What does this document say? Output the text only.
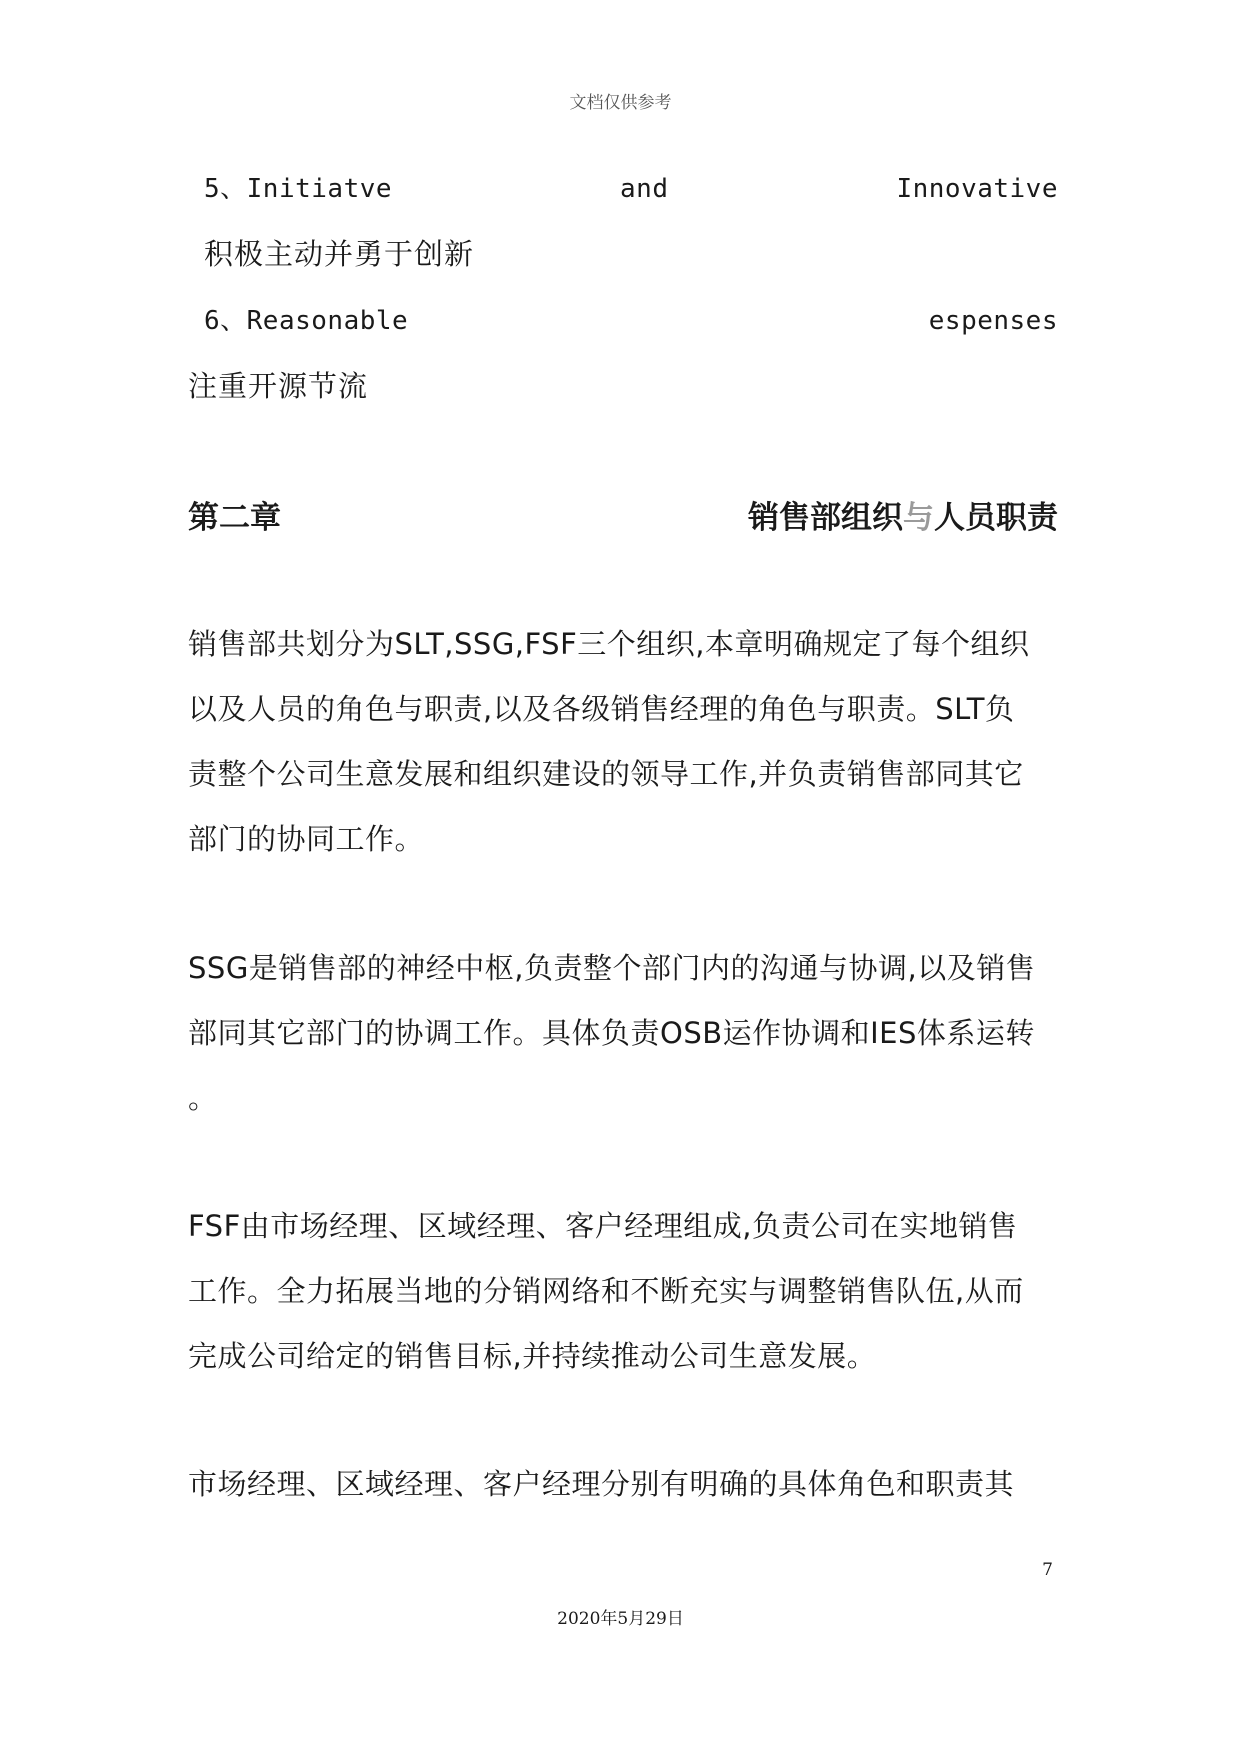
文档仅供参考
5、Initiatve	and	Innovative
积极主动并勇于创新
6、Reasonable	espenses
注重开源节流
第二章	销售部组织与人员职责
销售部共划分为SLT,SSG,FSF三个组织,本章明确规定了每个组织
以及人员的角色与职责,以及各级销售经理的角色与职责。SLT负
责整个公司生意发展和组织建设的领导工作,并负责销售部同其它
部门的协同工作。
SSG是销售部的神经中枢,负责整个部门内的沟通与协调,以及销售
部同其它部门的协调工作。具体负责OSB运作协调和IES体系运转
。
FSF由市场经理、区域经理、客户经理组成,负责公司在实地销售
工作。全力拓展当地的分销网络和不断充实与调整销售队伍,从而
完成公司给定的销售目标,并持续推动公司生意发展。
市场经理、区域经理、客户经理分别有明确的具体角色和职责其
7
2020年5月29日
